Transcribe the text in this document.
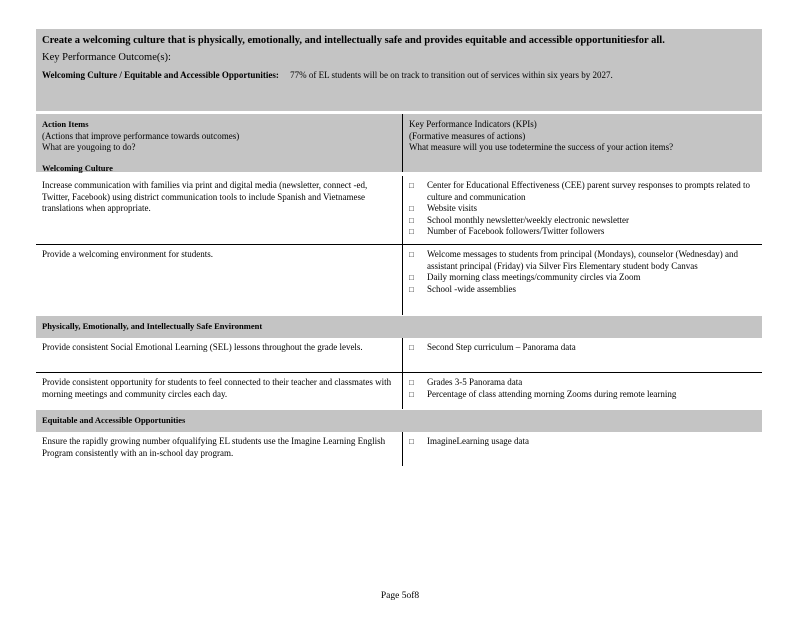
Create a welcoming culture that is physically, emotionally, and intellectually safe and provides equitable and accessible opportunitiesfor all.
Key Performance Outcome(s):
Welcoming Culture / Equitable and Accessible Opportunities: 77% of EL students will be on track to transition out of services within six years by 2027.
Action Items
(Actions that improve performance towards outcomes)
What are yougoing to do?
Welcoming Culture
Key Performance Indicators (KPIs)
(Formative measures of actions)
What measure will you use todetermine the success of your action items?
Increase communication with families via print and digital media (newsletter, connect -ed, Twitter, Facebook) using district communication tools to include Spanish and Vietnamese translations when appropriate.
□ Center for Educational Effectiveness (CEE) parent survey responses to prompts related to culture and communication
□ Website visits
□ School monthly newsletter/weekly electronic newsletter
□ Number of Facebook followers/Twitter followers
Provide a welcoming environment for students.	□ Welcome messages to students from principal (Mondays), counselor (Wednesday) and assistant principal (Friday) via Silver Firs Elementary student body Canvas
□ Daily morning class meetings/community circles via Zoom
□ School -wide assemblies
Physically, Emotionally, and Intellectually Safe Environment
Provide consistent Social Emotional Learning (SEL) lessons throughout the grade levels.	□ Second Step curriculum – Panorama data
Provide consistent opportunity for students to feel connected to their teacher and classmates with morning meetings and community circles each day.
□ Grades 3-5 Panorama data
□ Percentage of class attending morning Zooms during remote learning
Equitable and Accessible Opportunities
Ensure the rapidly growing number ofqualifying EL students use the Imagine Learning English Program consistently with an in-school day program.
□ ImagineLearning usage data
Page 5of8
